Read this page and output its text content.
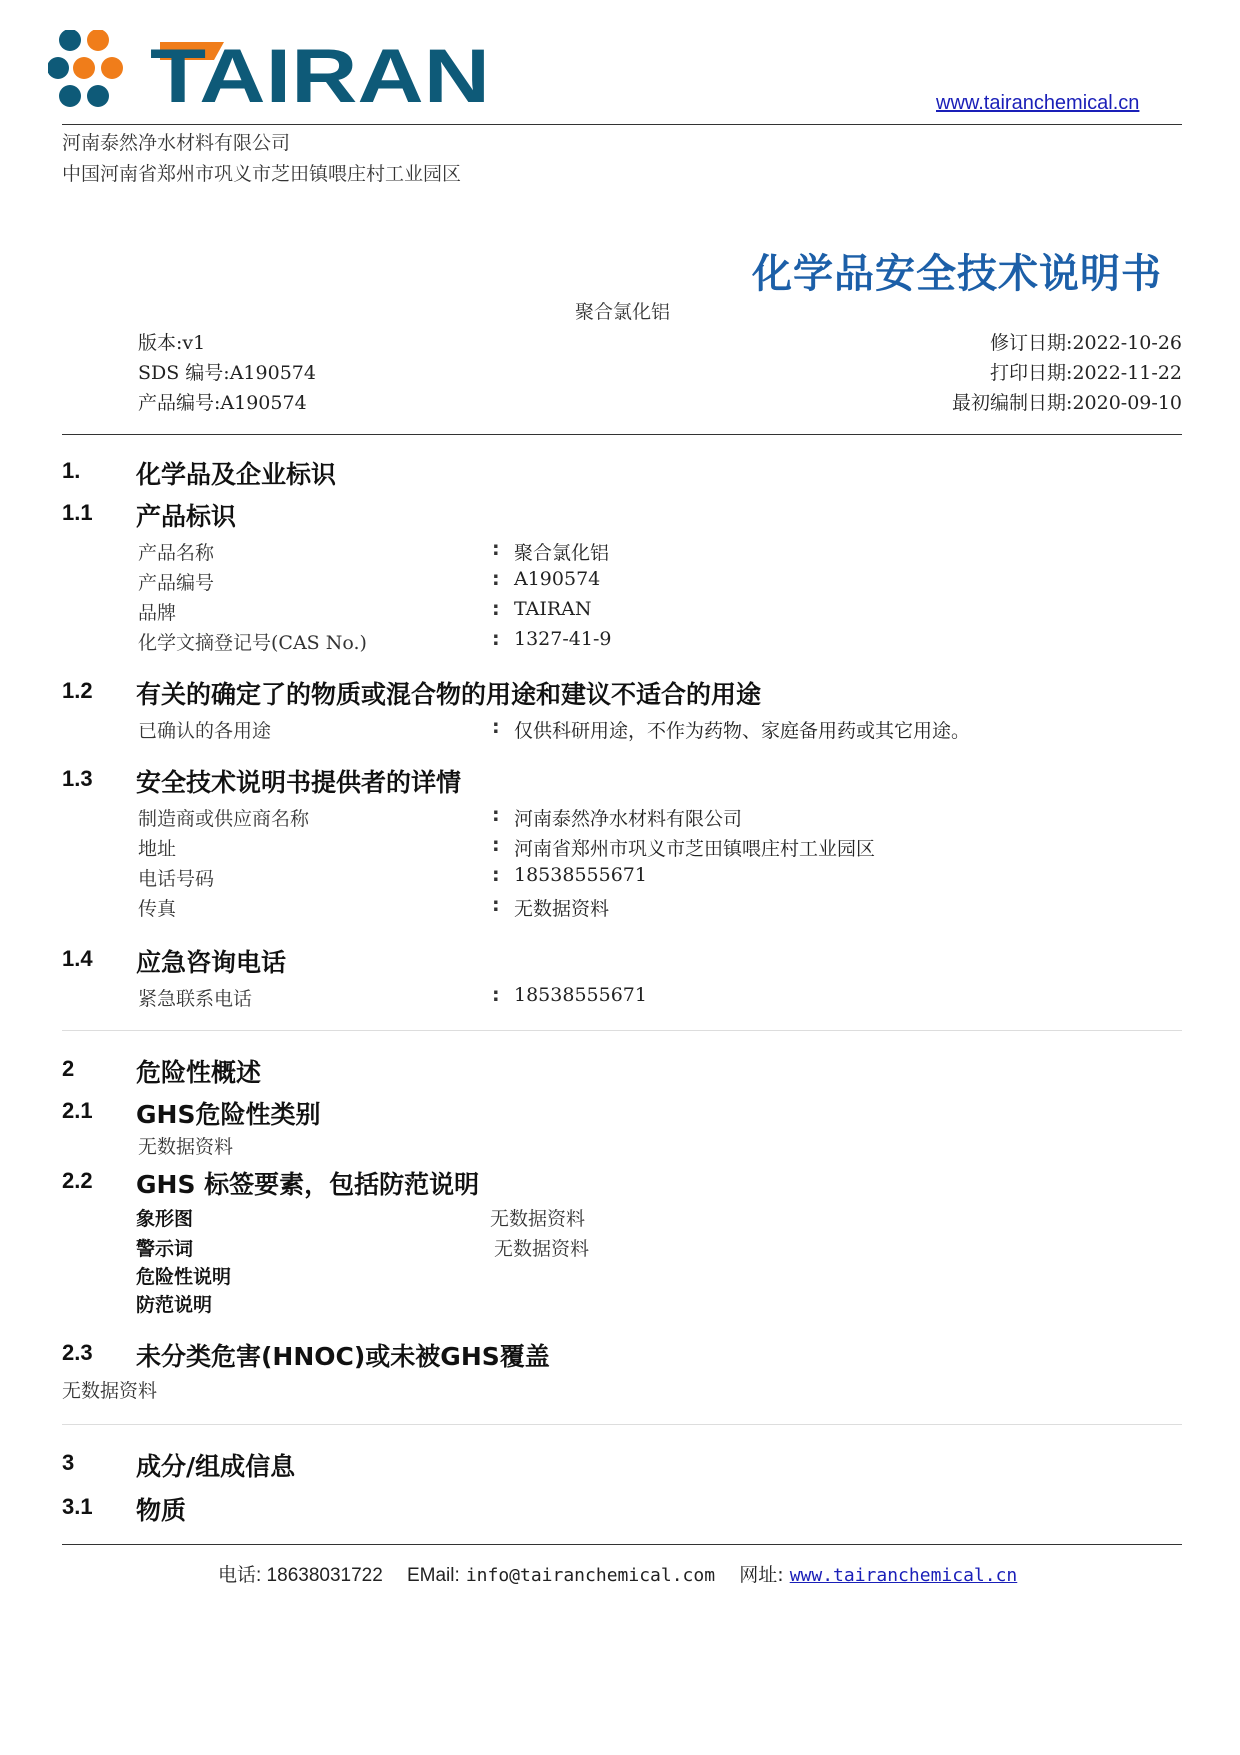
TAIRAN	www.tairanchemical.cn
河南泰然净水材料有限公司
中国河南省郑州市巩义市芝田镇喂庄村工业园区
化学品安全技术说明书
聚合氯化铝
版本:v1
SDS 编号:A190574
产品编号:A190574
修订日期:2022-10-26
打印日期:2022-11-22
最初编制日期:2020-09-10
1. 化学品及企业标识
1.1 产品标识
产品名称	: 聚合氯化铝
产品编号	: A190574
品牌	: TAIRAN
化学文摘登记号(CAS No.)	: 1327-41-9
1.2 有关的确定了的物质或混合物的用途和建议不适合的用途
已确认的各用途	: 仅供科研用途，不作为药物、家庭备用药或其它用途。
1.3 安全技术说明书提供者的详情
制造商或供应商名称	: 河南泰然净水材料有限公司
地址	: 河南省郑州市巩义市芝田镇喂庄村工业园区
电话号码	: 18538555671
传真	: 无数据资料
1.4 应急咨询电话
紧急联系电话	: 18538555671
2 危险性概述
2.1 GHS危险性类别
无数据资料
2.2 GHS 标签要素，包括防范说明
象形图	无数据资料
警示词	无数据资料
危险性说明
防范说明
2.3 未分类危害(HNOC)或未被GHS覆盖
无数据资料
3 成分/组成信息
3.1 物质
电话: 18638031722 EMail: info@tairanchemical.com 网址: www.tairanchemical.cn
